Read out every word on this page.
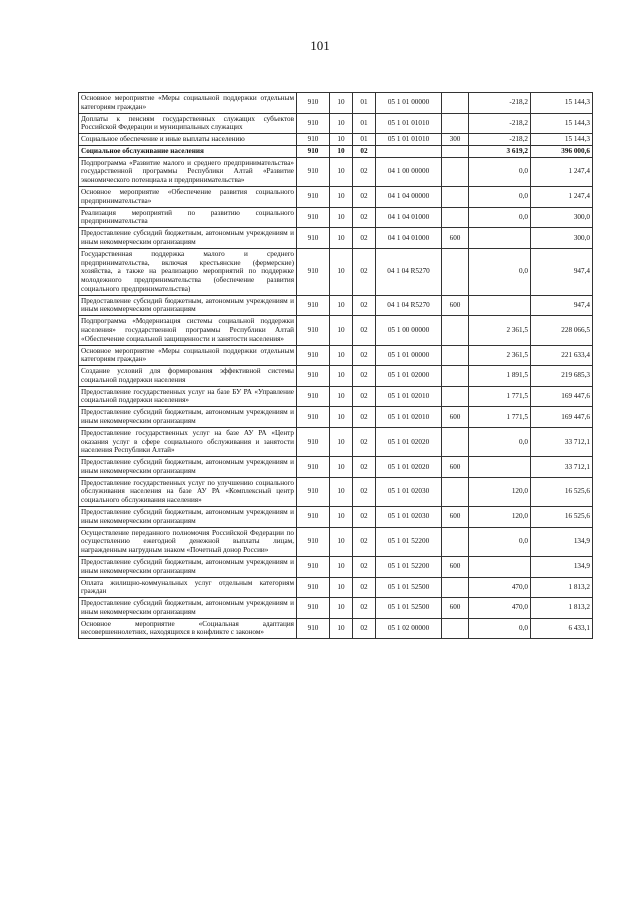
101
Основное мероприятие «Меры социальной поддержки отдельным категориям граждан»	910	10	01	05 1 01 00000		-218,2	15 144,3
Доплаты к пенсиям государственных служащих субъектов Российской Федерации и муниципальных служащих	910	10	01	05 1 01 01010		-218,2	15 144,3
Социальное обеспечение и иные выплаты населению	910	10	01	05 1 01 01010	300	-218,2	15 144,3
Социальное обслуживание населения	910	10	02			3 619,2	396 000,6
Подпрограмма «Развитие малого и среднего предпринимательства» государственной программы Республики Алтай «Развитие экономического потенциала и предпринимательства»	910	10	02	04 1 00 00000		0,0	1 247,4
Основное мероприятие «Обеспечение развития социального предпринимательства»	910	10	02	04 1 04 00000		0,0	1 247,4
Реализация мероприятий по развитию социального предпринимательства	910	10	02	04 1 04 01000		0,0	300,0
Предоставление субсидий бюджетным, автономным учреждениям и иным некоммерческим организациям	910	10	02	04 1 04 01000	600		300,0
Государственная поддержка малого и среднего предпринимательства, включая крестьянские (фермерские) хозяйства, а также на реализацию мероприятий по поддержке молодежного предпринимательства (обеспечение развития социального предпринимательства)	910	10	02	04 1 04 R5270		0,0	947,4
Предоставление субсидий бюджетным, автономным учреждениям и иным некоммерческим организациям	910	10	02	04 1 04 R5270	600		947,4
Подпрограмма «Модернизация системы социальной поддержки населения» государственной программы Республики Алтай «Обеспечение социальной защищенности и занятости населения»	910	10	02	05 1 00 00000		2 361,5	228 066,5
Основное мероприятие «Меры социальной поддержки отдельным категориям граждан»	910	10	02	05 1 01 00000		2 361,5	221 633,4
Создание условий для формирования эффективной системы социальной поддержки населения	910	10	02	05 1 01 02000		1 891,5	219 685,3
Предоставление государственных услуг на базе БУ РА «Управление социальной поддержки населения»	910	10	02	05 1 01 02010		1 771,5	169 447,6
Предоставление субсидий бюджетным, автономным учреждениям и иным некоммерческим организациям	910	10	02	05 1 01 02010	600	1 771,5	169 447,6
Предоставление государственных услуг на базе АУ РА «Центр оказания услуг в сфере социального обслуживания и занятости населения Республики Алтай»	910	10	02	05 1 01 02020		0,0	33 712,1
Предоставление субсидий бюджетным, автономным учреждениям и иным некоммерческим организациям	910	10	02	05 1 01 02020	600		33 712,1
Предоставление государственных услуг по улучшению социального обслуживания населения на базе АУ РА «Комплексный центр социального обслуживания населения»	910	10	02	05 1 01 02030		120,0	16 525,6
Предоставление субсидий бюджетным, автономным учреждениям и иным некоммерческим организациям	910	10	02	05 1 01 02030	600	120,0	16 525,6
Осуществление переданного полномочия Российской Федерации по осуществлению ежегодной денежной выплаты лицам, награжденным нагрудным знаком «Почетный донор России»	910	10	02	05 1 01 52200		0,0	134,9
Предоставление субсидий бюджетным, автономным учреждениям и иным некоммерческим организациям	910	10	02	05 1 01 52200	600		134,9
Оплата жилищно-коммунальных услуг отдельным категориям граждан	910	10	02	05 1 01 52500		470,0	1 813,2
Предоставление субсидий бюджетным, автономным учреждениям и иным некоммерческим организациям	910	10	02	05 1 01 52500	600	470,0	1 813,2
Основное мероприятие «Социальная адаптация несовершеннолетних, находящихся в конфликте с законом»	910	10	02	05 1 02 00000		0,0	6 433,1
